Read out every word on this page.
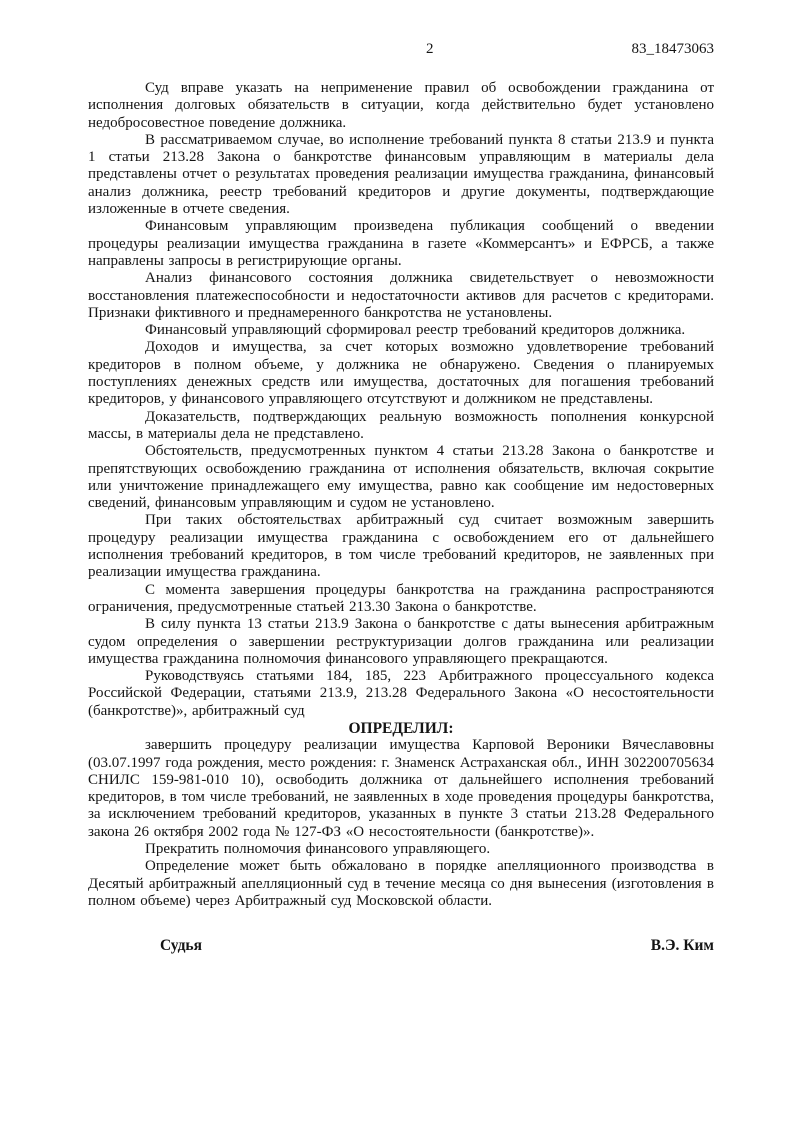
2	83_18473063

Суд вправе указать на неприменение правил об освобождении гражданина от исполнения долговых обязательств в ситуации, когда действительно будет установлено недобросовестное поведение должника.

В рассматриваемом случае, во исполнение требований пункта 8 статьи 213.9 и пункта 1 статьи 213.28 Закона о банкротстве финансовым управляющим в материалы дела представлены отчет о результатах проведения реализации имущества гражданина, финансовый анализ должника, реестр требований кредиторов и другие документы, подтверждающие изложенные в отчете сведения.

Финансовым управляющим произведена публикация сообщений о введении процедуры реализации имущества гражданина в газете «Коммерсантъ» и ЕФРСБ, а также направлены запросы в регистрирующие органы.

Анализ финансового состояния должника свидетельствует о невозможности восстановления платежеспособности и недостаточности активов для расчетов с кредиторами. Признаки фиктивного и преднамеренного банкротства не установлены.

Финансовый управляющий сформировал реестр требований кредиторов должника.

Доходов и имущества, за счет которых возможно удовлетворение требований кредиторов в полном объеме, у должника не обнаружено. Сведения о планируемых поступлениях денежных средств или имущества, достаточных для погашения требований кредиторов, у финансового управляющего отсутствуют и должником не представлены.

Доказательств, подтверждающих реальную возможность пополнения конкурсной массы, в материалы дела не представлено.

Обстоятельств, предусмотренных пунктом 4 статьи 213.28 Закона о банкротстве и препятствующих освобождению гражданина от исполнения обязательств, включая сокрытие или уничтожение принадлежащего ему имущества, равно как сообщение им недостоверных сведений, финансовым управляющим и судом не установлено.

При таких обстоятельствах арбитражный суд считает возможным завершить процедуру реализации имущества гражданина с освобождением его от дальнейшего исполнения требований кредиторов, в том числе требований кредиторов, не заявленных при реализации имущества гражданина.

С момента завершения процедуры банкротства на гражданина распространяются ограничения, предусмотренные статьей 213.30 Закона о банкротстве.

В силу пункта 13 статьи 213.9 Закона о банкротстве с даты вынесения арбитражным судом определения о завершении реструктуризации долгов гражданина или реализации имущества гражданина полномочия финансового управляющего прекращаются.

Руководствуясь статьями 184, 185, 223 Арбитражного процессуального кодекса Российской Федерации, статьями 213.9, 213.28 Федерального Закона «О несостоятельности (банкротстве)», арбитражный суд

ОПРЕДЕЛИЛ:

завершить процедуру реализации имущества Карповой Вероники Вячеславовны (03.07.1997 года рождения, место рождения: г. Знаменск Астраханская обл., ИНН 302200705634 СНИЛС 159-981-010 10), освободить должника от дальнейшего исполнения требований кредиторов, в том числе требований, не заявленных в ходе проведения процедуры банкротства, за исключением требований кредиторов, указанных в пункте 3 статьи 213.28 Федерального закона 26 октября 2002 года № 127-ФЗ «О несостоятельности (банкротстве)».

Прекратить полномочия финансового управляющего.

Определение может быть обжаловано в порядке апелляционного производства в Десятый арбитражный апелляционный суд в течение месяца со дня вынесения (изготовления в полном объеме) через Арбитражный суд Московской области.

Судья	В.Э. Ким
